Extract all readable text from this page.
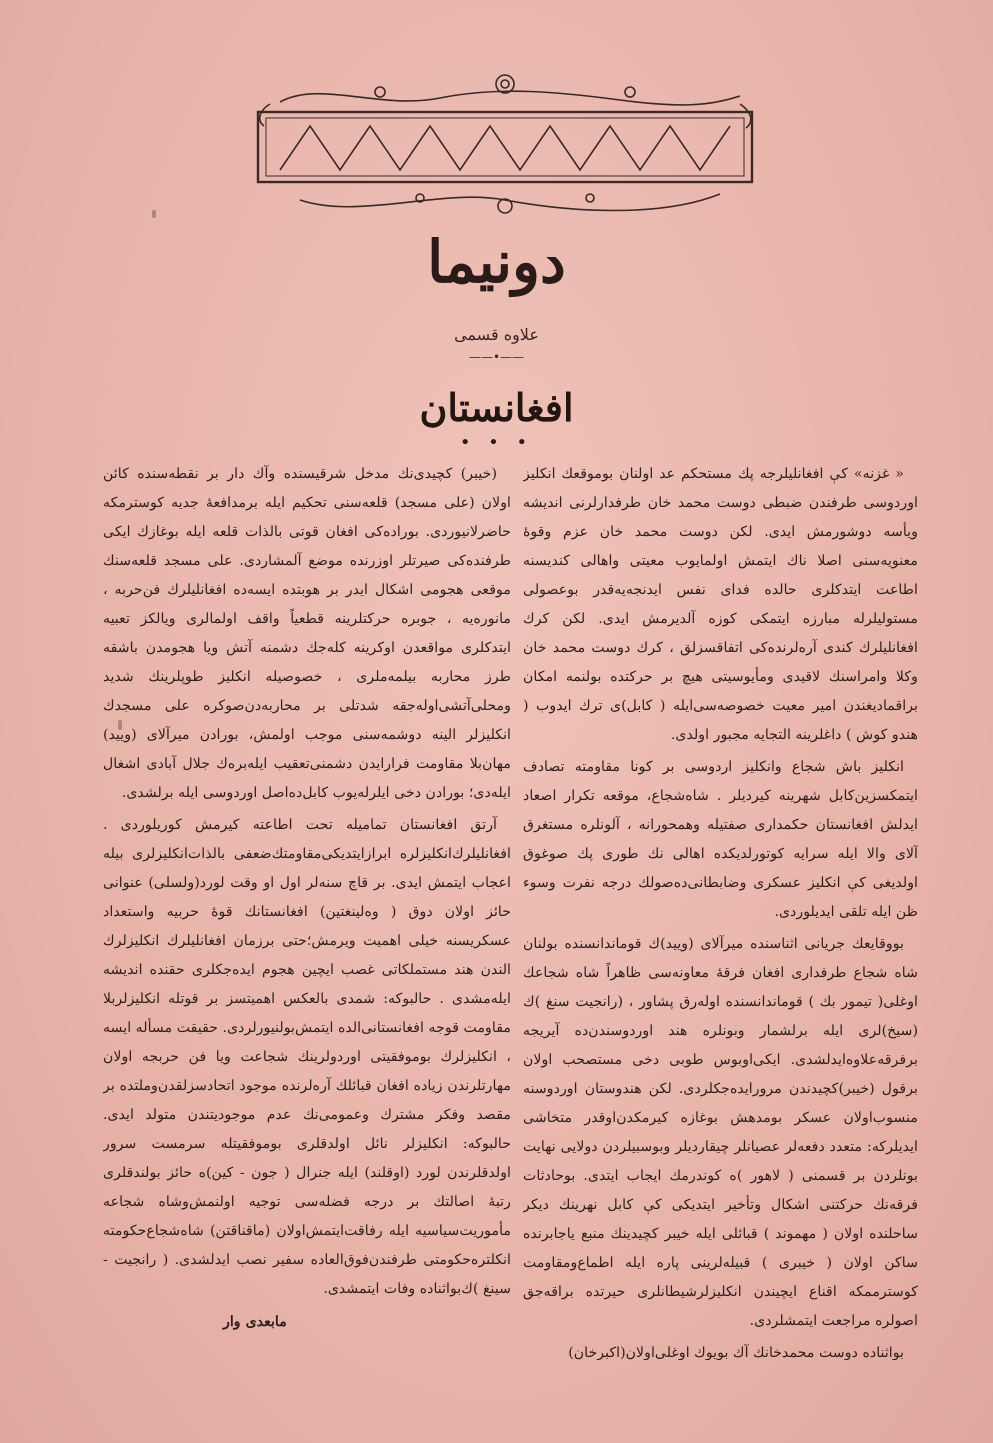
دونیما
علاوه قسمی
——•——
افغانستان
• • •

« غزنه» كې افغانلیلرجه پك مستحكم عد اولنان بوموقعك انكلیز اوردوسی طرفندن ضبطی دوست محمد خان طرفدارلرنی اندیشه ویأسه دوشورمش ایدی. لكن دوست محمد خان عزم وقوۀ معنویه‌سنی اصلا ناك ایتمش اولمایوب معیتی واهالی كندیسنه اطاعت ایتدكلری حالده فدای نفس ایدنجه‌یه‌قدر بوعصولی مستولیلرله مبارزه ایتمكی كوزه آلدیرمش ایدی. لكن كرك افغانلیلرك كندی آرەلرندەكی اتفاقسزلق ، كرك دوست محمد خان وكلا وامراسنك لاقیدی ومأیوسیتی هیچ بر حركتده بولنمه امكان براقمادیغندن امیر معیت خصوصه‌سی‌ایله ( كابل)ی ترك ایدوب ( هندو كوش ) داغلرینه التجایه مجبور اولدی.

انكلیز باش شجاع وانكلیز اردوسی بر كونا مقاومته تصادف ایتمكسزین‌كابل شهرینه كیردیلر . شاه‌شجاع، موقعه تكرار اصعاد ایدلش افغانستان حكمدارى صفتیله وهمحورانه ، آلونلره مستغرق آلای والا ایله سرایه كوتورلدیكده اهالی نك طوری پك صوغوق اولدیغی كې انكلیز عسكری وضابطانی‌ده‌صولك درجه نفرت وسوء ظن ایله تلقی ایدیلوردی.

بووقایعك جریانی اثناسنده میرآلای (ویید)ك قوماندانسنده بولنان شاه شجاع طرفداری افغان فرقۀ معاونه‌سی ظاهراً شاه شجاعك اوغلی( تیمور بك ) قوماندانسنده اولەرق پشاور ، (رانجیت سنغ )ك (سیخ)لری ایله برلشمار وبونلره هند اوردوسندن‌ده آیریجه برفرقه‌علاوه‌ایدلشدی. ایكی‌اوبوس طوبی دخی مستصحب اولان برقول (خیبر)كچیدندن مروراید‌ه‌جكلردی. لكن هندوستان اوردوسنه منسوب‌اولان عسكر بومدهش بوغازه كیرمكدن‌اوقدر متخاشی ایدیلركه: متعدد دفعه‌لر عصیانلر چیقاردیلر وبوسبیلردن دولایی نهایت بونلردن بر قسمنی ( لاهور )ه كوندرمك ایجاب ایتدی. بوحادثات فرقه‌نك حركتنی اشكال وتأخیر ایتدیكی كې كابل نهرینك دیكر ساحلنده اولان ( مهموند ) قبائلی ایله خیبر كچیدینك منبع یاجابرنده ساكن اولان ( خیبری ) قبیله‌لرینی پاره ایله اطماع‌ومقاومت كوسترممكه اقناع ایچیندن انكلیزلرشیطانلری حیرتده براقه‌جق اصولره مراجعت ایتمشلردی.

بواثناده دوست محمدخانك آك بویوك اوغلی‌اولان(اكبرخان)

(خیبر) كچیدی‌نك مدخل شرقیسنده وآك دار بر نقطه‌سنده كائن اولان (علی مسجد) قلعه‌سنی تحكیم ایله برمدافعۀ جدیه كوسترمكه حاضرلانیوردی. بوراده‌كی افغان قوتی بالذات قلعه ایله بوغازك ایكی طرفنده‌كی صیرتلر اوزرنده موضع آلمشاردی. علی مسجد قلعه‌سنك موقعی هجومی اشكال ایدر بر هوبتده ایسه‌ده افغانلیلرك فن‌حربه ، مانوره‌یه ، جوبره حركتلرینه قطعیاً واقف اولمالرى ویالكز تعبیه ایتدكلری مواقعدن اوكرینه كلەجك دشمنه آتش ویا هجومدن باشقه طرز محاربه بیلمه‌ملری ، خصوصیله انكلیز طوپلرینك شدید ومحلی‌آتشی‌اوله‌جقه شدتلی بر محاربه‌دن‌صوكره علی مسجدك انكلیزلر الینه دوشمه‌سنی موجب اولمش، بورادن میرآلای (ویید) مهان‌بلا مقاومت فرارایدن دشمنی‌تعقیب ایله‌برەك جلال آبادی اشغال ایلەدی؛ بورادن دخی ایلرله‌یوب كابل‌ده‌اصل اوردوسی ایله برلشدی.

آرتق افغانستان تمامیله تحت اطاعته كیرمش كوریلوردی . افغانلیلرك‌انكلیزلره ابرازایتدیكی‌مقاومتك‌ضعفی بالذات‌انكلیزلری بیله اعجاب ایتمش ایدی. بر قاچ سنه‌لر اول او وقت لورد(ولسلی) عنوانی حائز اولان دوق ( وەلینغتین) افغانستانك قوۀ حربیه واستعداد عسكریسنه خیلی اهمیت ویرمش؛حتی برزمان افغانلیلرك انكلیزلرك الندن هند مستملكاتی غصب ایچین هجوم ایده‌جكلری حقنده اندیشه ایله‌مشدی . حالبوكه: شمدی بالعكس اهمیتسز بر قوتله انكلیزلربلا مقاومت قوجه افغانستانی‌الده ایتمش‌بولنیورلردی. حقیقت مسأله ایسه ، انكلیزلرك بوموفقیتی اوردولرینك شجاعت ویا فن حربجه اولان مهارتلرندن زیاده افغان قبائلك آرەلرنده موجود اتحادسزلقدن‌وملتده بر مقصد وفكر مشترك وعمومی‌نك عدم موجودیتندن متولد ایدی. حالبوكه: انكلیزلر نائل اولدقلری بوموفقیتله سرمست سرور اولدقلرندن لورد (اوقلند) ایله جنرال ( جون - كین)ه حائز بولندقلری رتبۀ اصالتك بر درجه فضله‌سی توجیه اولنمش‌وشاه شجاعه مأموریت‌سیاسیه ایله رفاقت‌ایتمش‌اولان (ماقناقتن) شاه‌شجاع‌حكومته انكلتره‌حكومتی طرفندن‌فوق‌العاده سفیر نصب ایدلشدی. ( رانجیت - سینغ )ك‌بواثناده وفات ایتمشدی.

مابعدی وار
